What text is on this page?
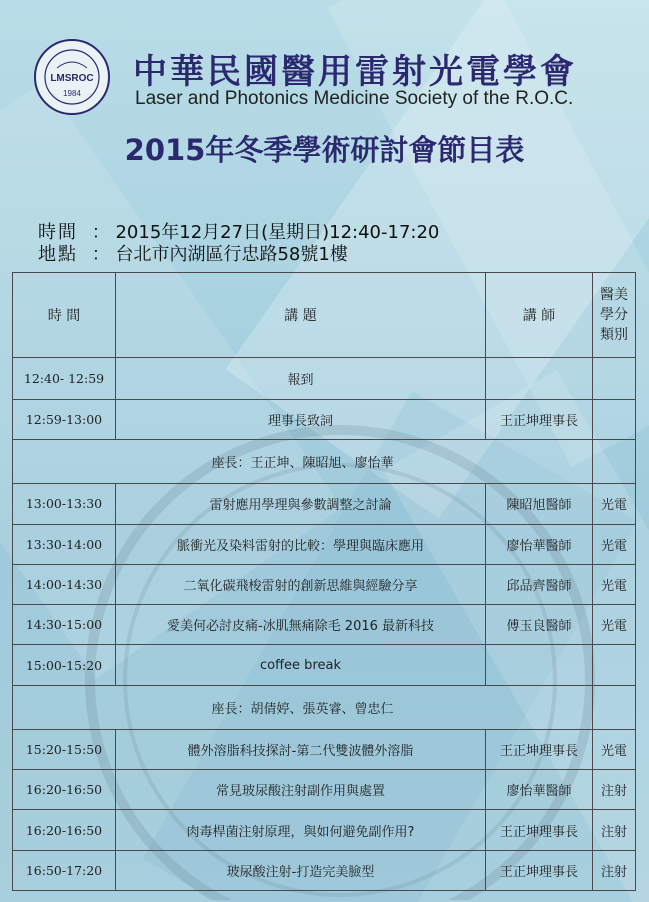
LMSROC
1984
中華民國醫用雷射光電學會
Laser and Photonics Medicine Society of the R.O.C.
2015年冬季學術研討會節目表
時間 ： 2015年12月27日(星期日)12:40-17:20
地點 ： 台北市內湖區行忠路58號1樓
時 間	講 題	講 師	醫美學分類別
12:40- 12:59	報到		
12:59-13:00	理事長致詞	王正坤理事長	
座長：王正坤、陳昭旭、廖怡華			
13:00-13:30	雷射應用學理與參數調整之討論	陳昭旭醫師	光電
13:30-14:00	脈衝光及染料雷射的比較：學理與臨床應用	廖怡華醫師	光電
14:00-14:30	二氧化碳飛梭雷射的創新思維與經驗分享	邱品齊醫師	光電
14:30-15:00	愛美何必討皮痛-冰肌無痛除毛 2016 最新科技	傅玉良醫師	光電
15:00-15:20	coffee break		
座長：胡倩婷、張英睿、曾忠仁			
15:20-15:50	體外溶脂科技探討-第二代雙波體外溶脂	王正坤理事長	光電
16:20-16:50	常見玻尿酸注射副作用與處置	廖怡華醫師	注射
16:20-16:50	肉毒桿菌注射原理，與如何避免副作用?	王正坤理事長	注射
16:50-17:20	玻尿酸注射-打造完美臉型	王正坤理事長	注射
